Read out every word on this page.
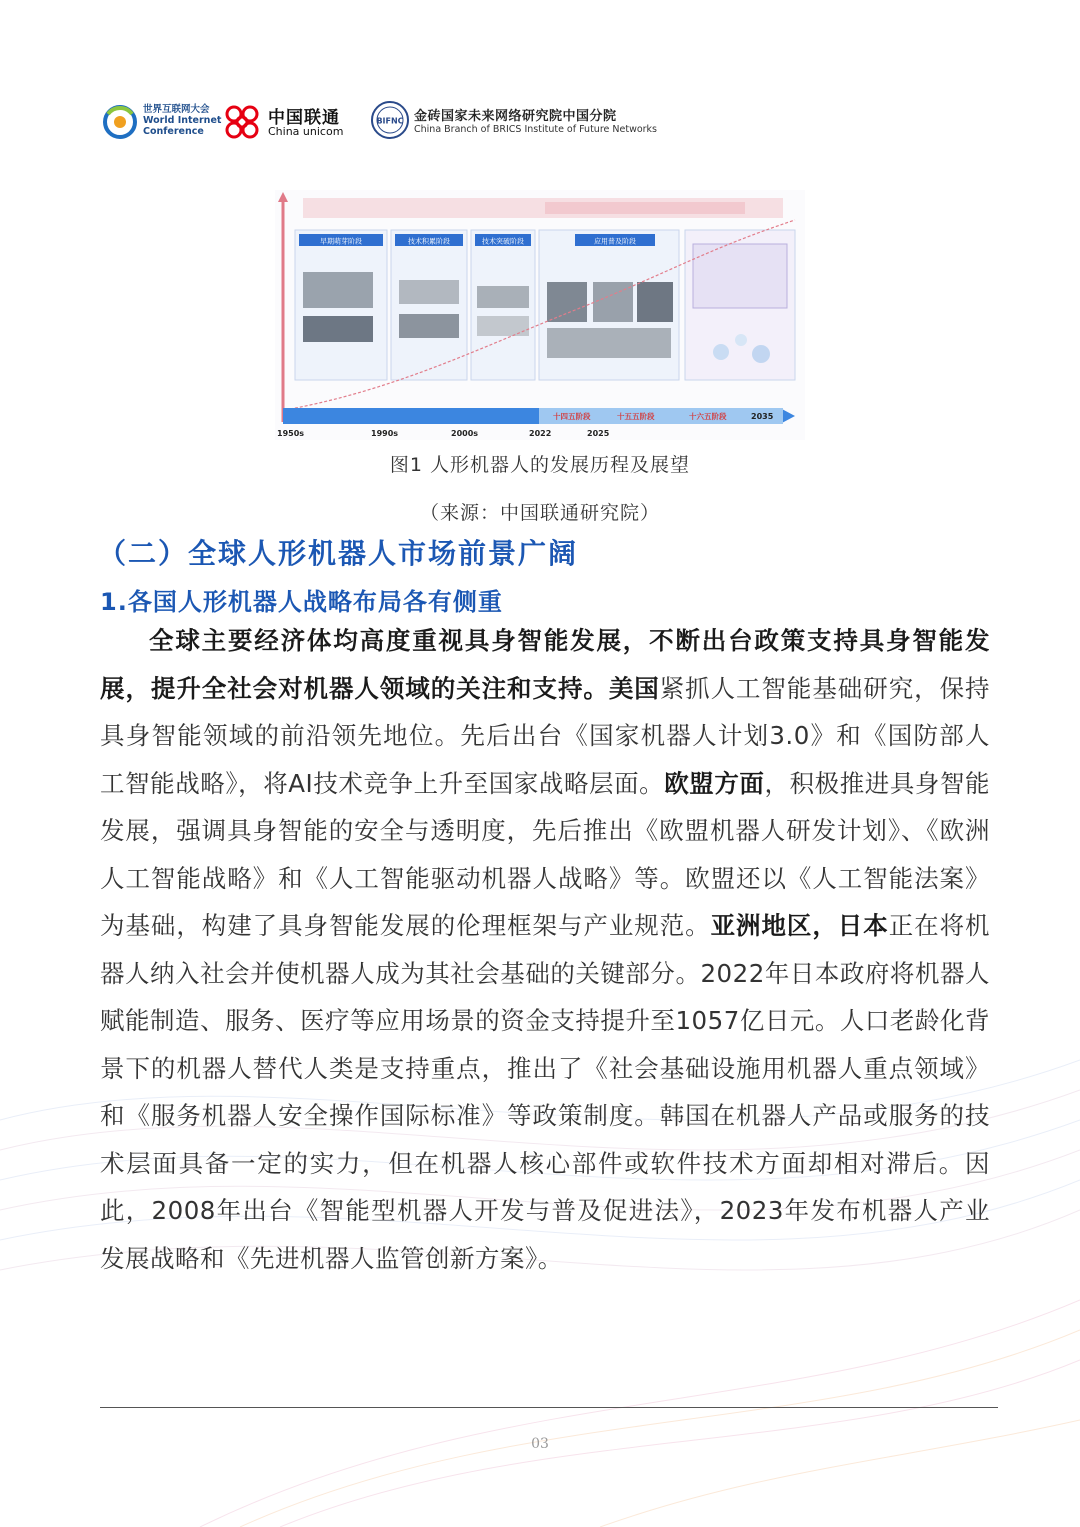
世界互联网大会
World Internet
Conference
中国联通
China unicom
BIFNC 金砖国家未来网络研究院中国分院
China Branch of BRICS Institute of Future Networks
早期萌芽阶段	技术积累阶段	技术突破阶段	应用普及阶段
十四五阶段	十五五阶段	十六五阶段
1950s	1990s	2000s	2022	2025
2035
图1 人形机器人的发展历程及展望
（来源：中国联通研究院）
（二）全球人形机器人市场前景广阔
1.各国人形机器人战略布局各有侧重

全球主要经济体均高度重视具身智能发展，不断出台政策支持具身智能发展，提升全社会对机器人领域的关注和支持。美国紧抓人工智能基础研究，保持具身智能领域的前沿领先地位。先后出台《国家机器人计划3.0》和《国防部人工智能战略》，将AI技术竞争上升至国家战略层面。欧盟方面，积极推进具身智能发展，强调具身智能的安全与透明度，先后推出《欧盟机器人研发计划》、《欧洲人工智能战略》和《人工智能驱动机器人战略》等。欧盟还以《人工智能法案》为基础，构建了具身智能发展的伦理框架与产业规范。亚洲地区，日本正在将机器人纳入社会并使机器人成为其社会基础的关键部分。2022年日本政府将机器人赋能制造、服务、医疗等应用场景的资金支持提升至1057亿日元。人口老龄化背景下的机器人替代人类是支持重点，推出了《社会基础设施用机器人重点领域》和《服务机器人安全操作国际标准》等政策制度。韩国在机器人产品或服务的技术层面具备一定的实力，但在机器人核心部件或软件技术方面却相对滞后。因此，2008年出台《智能型机器人开发与普及促进法》，2023年发布机器人产业发展战略和《先进机器人监管创新方案》。

03
